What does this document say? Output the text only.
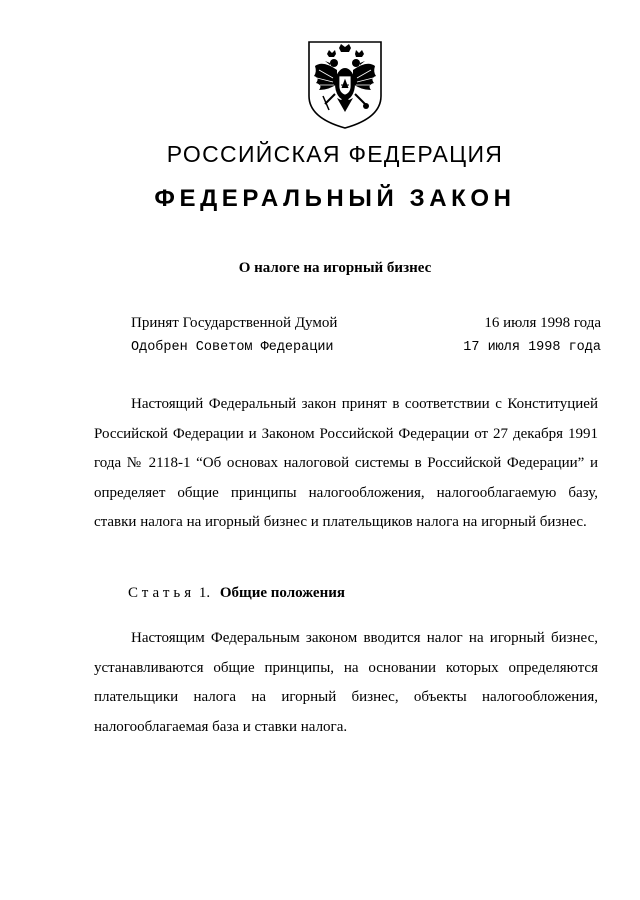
РОССИЙСКАЯ ФЕДЕРАЦИЯ
ФЕДЕРАЛЬНЫЙ ЗАКОН
О налоге на игорный бизнес
Принят Государственной Думой	16 июля 1998 года
Одобрен Советом Федерации	17 июля 1998 года

Настоящий Федеральный закон принят в соответствии с Конституцией Российской Федерации и Законом Российской Федерации от 27 декабря 1991 года № 2118-1 “Об основах налоговой системы в Российской Федерации” и определяет общие принципы налогообложения, налогооблагаемую базу, ставки налога на игорный бизнес и плательщиков налога на игорный бизнес.

Статья 1. Общие положения

Настоящим Федеральным законом вводится налог на игорный бизнес, устанавливаются общие принципы, на основании которых определяются плательщики налога на игорный бизнес, объекты налогообложения, налогооблагаемая база и ставки налога.
